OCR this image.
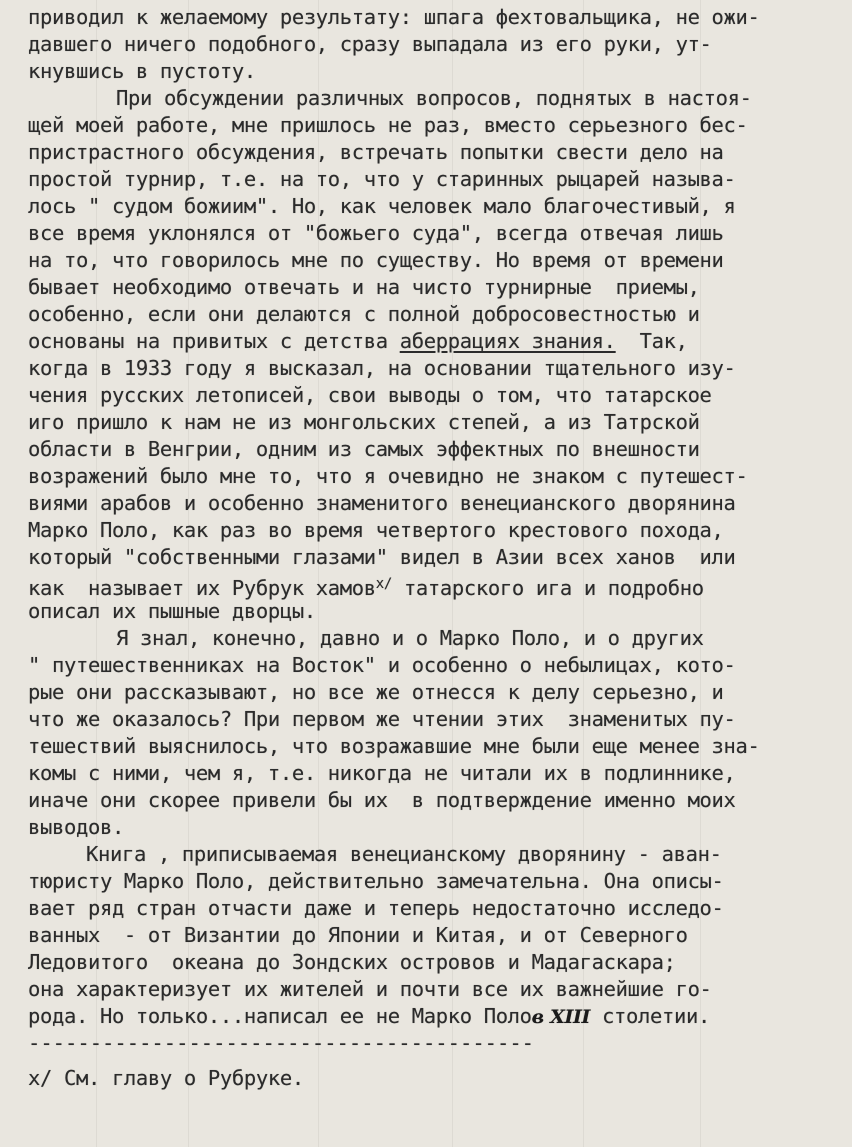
приводил к желаемому результату: шпага фехтовальщика, не ожи-
давшего ничего подобного, сразу выпадала из его руки, ут-
кнувшись в пустоту.
При обсуждении различных вопросов, поднятых в настоя-
щей моей работе, мне пришлось не раз, вместо серьезного бес-
пристрастного обсуждения, встречать попытки свести дело на
простой турнир, т.е. на то, что у старинных рыцарей называ-
лось " судом божиим". Но, как человек мало благочестивый, я
все время уклонялся от "божьего суда", всегда отвечая лишь
на то, что говорилось мне по существу. Но время от времени
бывает необходимо отвечать и на чисто турнирные  приемы,
особенно, если они делаются с полной добросовестностью и
основаны на привитых с детства аберрациях знания.  Так,
когда в 1933 году я высказал, на основании тщательного изу-
чения русских летописей, свои выводы о том, что татарское
иго пришло к нам не из монгольских степей, а из Татрской
области в Венгрии, одним из самых эффектных по внешности
возражений было мне то, что я очевидно не знаком с путешест-
виями арабов и особенно знаменитого венецианского дворянина
Марко Поло, как раз во время четвертого крестового похода,
который "собственными глазами" видел в Азии всех ханов  или
как  называет их Рубрук хамов$^{x/}$ татарского ига и подробно
описал их пышные дворцы.
Я знал, конечно, давно и о Марко Поло, и о других
" путешественниках на Восток" и особенно о небылицах, кото-
рые они рассказывают, но все же отнесся к делу серьезно, и
что же оказалось? При первом же чтении этих  знаменитых пу-
тешествий выяснилось, что возражавшие мне были еще менее зна-
комы с ними, чем я, т.е. никогда не читали их в подлиннике,
иначе они скорее привели бы их  в подтверждение именно моих
выводов.
Книга , приписываемая венецианскому дворянину - аван-
тюристу Марко Поло, действительно замечательна. Она описы-
вает ряд стран отчасти даже и теперь недостаточно исследо-
ванных  - от Византии до Японии и Китая, и от Северного
Ледовитого  океана до Зондских островов и Мадагаскара;
она характеризует их жителей и почти все их важнейшие го-
рода. Но только...написал ее не Марко Полов XIII столетии.
-----------------------------------------
х/ См. главу о Рубруке.
